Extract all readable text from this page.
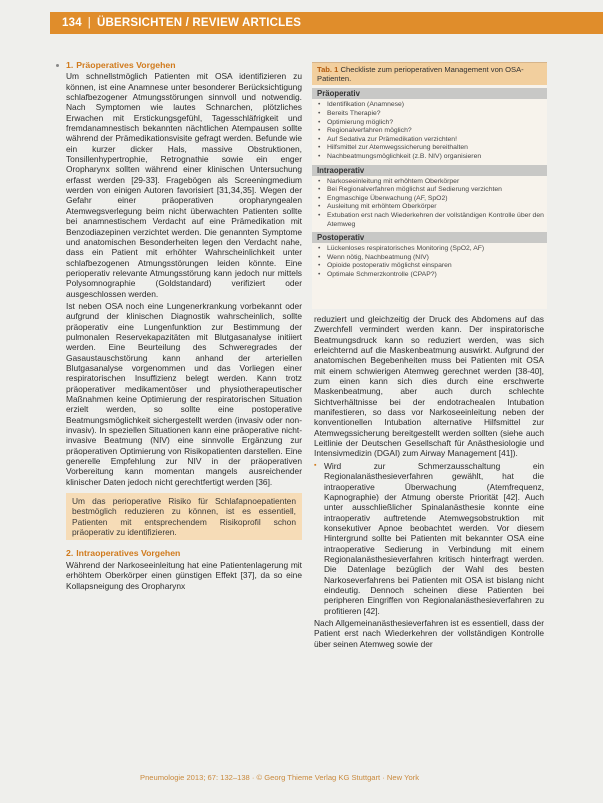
134 | ÜBERSICHTEN / REVIEW ARTICLES
1. Präoperatives Vorgehen

Um schnellstmöglich Patienten mit OSA identifizieren zu können, ist eine Anamnese unter besonderer Berücksichtigung schlafbezogener Atmungsstörungen sinnvoll und notwendig. Nach Symptomen wie lautes Schnarchen, plötzliches Erwachen mit Erstickungsgefühl, Tagesschläfrigkeit und fremdanamnestisch bekannten nächtlichen Atempausen sollte während der Prämedikationsvisite gefragt werden. Befunde wie ein kurzer dicker Hals, massive Obstruktionen, Tonsillenhypertrophie, Retrognathie sowie ein enger Oropharynx sollten während einer klinischen Untersuchung erfasst werden [29-33]. Fragebögen als Screeningmedium werden von einigen Autoren favorisiert [31,34,35]. Wegen der Gefahr einer präoperativen oropharyngealen Atemwegsverlegung beim nicht überwachten Patienten sollte bei anamnestischem Verdacht auf eine Prämedikation mit Benzodiazepinen verzichtet werden. Die genannten Symptome und anatomischen Besonderheiten legen den Verdacht nahe, dass ein Patient mit erhöhter Wahrscheinlichkeit unter schlafbezogenen Atmungsstörungen leiden könnte. Eine perioperativ relevante Atmungsstörung kann jedoch nur mittels Polysomnographie (Goldstandard) verifiziert oder ausgeschlossen werden.

Ist neben OSA noch eine Lungenerkrankung vorbekannt oder aufgrund der klinischen Diagnostik wahrscheinlich, sollte präoperativ eine Lungenfunktion zur Bestimmung der pulmonalen Reservekapazitäten mit Blutgasanalyse initiiert werden. Eine Beurteilung des Schweregrades der Gasaustauschstörung kann anhand der arteriellen Blutgasanalyse vorgenommen und das Vorliegen einer respiratorischen Insuffizienz belegt werden. Kann trotz präoperativer medikamentöser und physiotherapeutischer Maßnahmen keine Optimierung der respiratorischen Situation erzielt werden, so sollte eine postoperative Beatmungsmöglichkeit sichergestellt werden (invasiv oder non-invasiv). In speziellen Situationen kann eine präoperative nicht-invasive Beatmung (NIV) eine sinnvolle Ergänzung zur präoperativen Optimierung von Risikopatienten darstellen. Eine generelle Empfehlung zur NIV in der präoperativen Vorbereitung kann momentan mangels ausreichender klinischer Daten jedoch nicht gerechtfertigt werden [36].

Um das perioperative Risiko für Schlafapnoepatienten bestmöglich reduzieren zu können, ist es essentiell, Patienten mit entsprechendem Risikoprofil schon präoperativ zu identifizieren.
2. Intraoperatives Vorgehen

Während der Narkoseeinleitung hat eine Patientenlagerung mit erhöhtem Oberkörper einen günstigen Effekt [37], da so eine Kollapsneigung des Oropharynx

Tab. 1 Checkliste zum perioperativen Management von OSA-Patienten.
Präoperativ
• Identifikation (Anamnese)
• Bereits Therapie?
• Optimierung möglich?
• Regionalverfahren möglich?
• Auf Sedativa zur Prämedikation verzichten!
• Hilfsmittel zur Atemwegssicherung bereithalten
• Nachbeatmungsmöglichkeit (z.B. NIV) organisieren
Intraoperativ
• Narkoseeinleitung mit erhöhtem Oberkörper
• Bei Regionalverfahren möglichst auf Sedierung verzichten
• Engmaschige Überwachung (AF, SpO2)
• Ausleitung mit erhöhtem Oberkörper
• Extubation erst nach Wiederkehren der vollständigen Kontrolle über den Atemweg
Postoperativ
• Lückenloses respiratorisches Monitoring (SpO2, AF)
• Wenn nötig, Nachbeatmung (NIV)
• Opioide postoperativ möglichst einsparen
• Optimale Schmerzkontrolle (CPAP?)

reduziert und gleichzeitig der Druck des Abdomens auf das Zwerchfell vermindert werden kann. Der inspiratorische Beatmungsdruck kann so reduziert werden, was sich erleichternd auf die Maskenbeatmung auswirkt. Aufgrund der anatomischen Begebenheiten muss bei Patienten mit OSA mit einem schwierigen Atemweg gerechnet werden [38-40], zum einen kann sich dies durch eine erschwerte Maskenbeatmung, aber auch durch schlechte Sichtverhältnisse bei der endotrachealen Intubation manifestieren, so dass vor Narkoseeinleitung neben der konventionellen Intubation alternative Hilfsmittel zur Atemwegssicherung bereitgestellt werden sollten (siehe auch Leitlinie der Deutschen Gesellschaft für Anästhesiologie und Intensivmedizin (DGAI) zum Airway Management [41]).

▪ Wird zur Schmerzausschaltung ein Regionalanästhesieverfahren gewählt, hat die intraoperative Überwachung (Atemfrequenz, Kapnographie) der Atmung oberste Priorität [42]. Auch unter ausschließlicher Spinalanästhesie konnte eine intraoperativ auftretende Atemwegsobstruktion mit konsekutiver Apnoe beobachtet werden. Vor diesem Hintergrund sollte bei Patienten mit bekannter OSA eine intraoperative Sedierung in Verbindung mit einem Regionalanästhesieverfahren kritisch hinterfragt werden. Die Datenlage bezüglich der Wahl des besten Narkoseverfahrens bei Patienten mit OSA ist bislang nicht eindeutig. Dennoch scheinen diese Patienten bei peripheren Eingriffen von Regionalanästhesieverfahren zu profitieren [42].

Nach Allgemeinanästhesieverfahren ist es essentiell, dass der Patient erst nach Wiederkehren der vollständigen Kontrolle über seinen Atemweg sowie der

Pneumologie 2013; 67: 132–138 · © Georg Thieme Verlag KG Stuttgart · New York
